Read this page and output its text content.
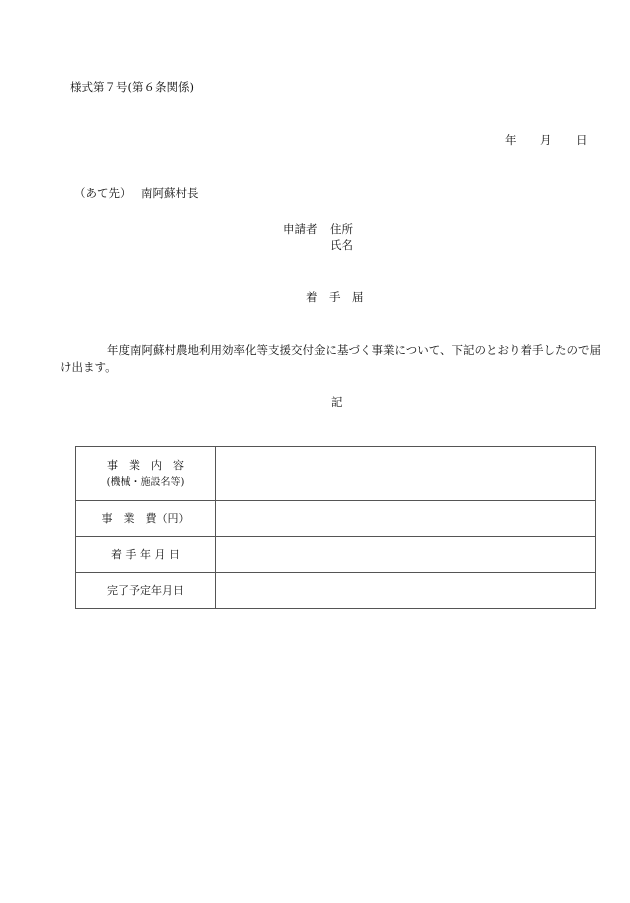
様式第７号(第６条関係)
年 月 日
（あて先） 南阿蘇村長
申請者 住所
氏名
着　手　届
年度南阿蘇村農地利用効率化等支援交付金に基づく事業について、下記のとおり着手したので届け出ます。
記
事　業　内　容
(機械・施設名等)	

事　業　費（円）	
着 手 年 月 日	
完了予定年月日	
